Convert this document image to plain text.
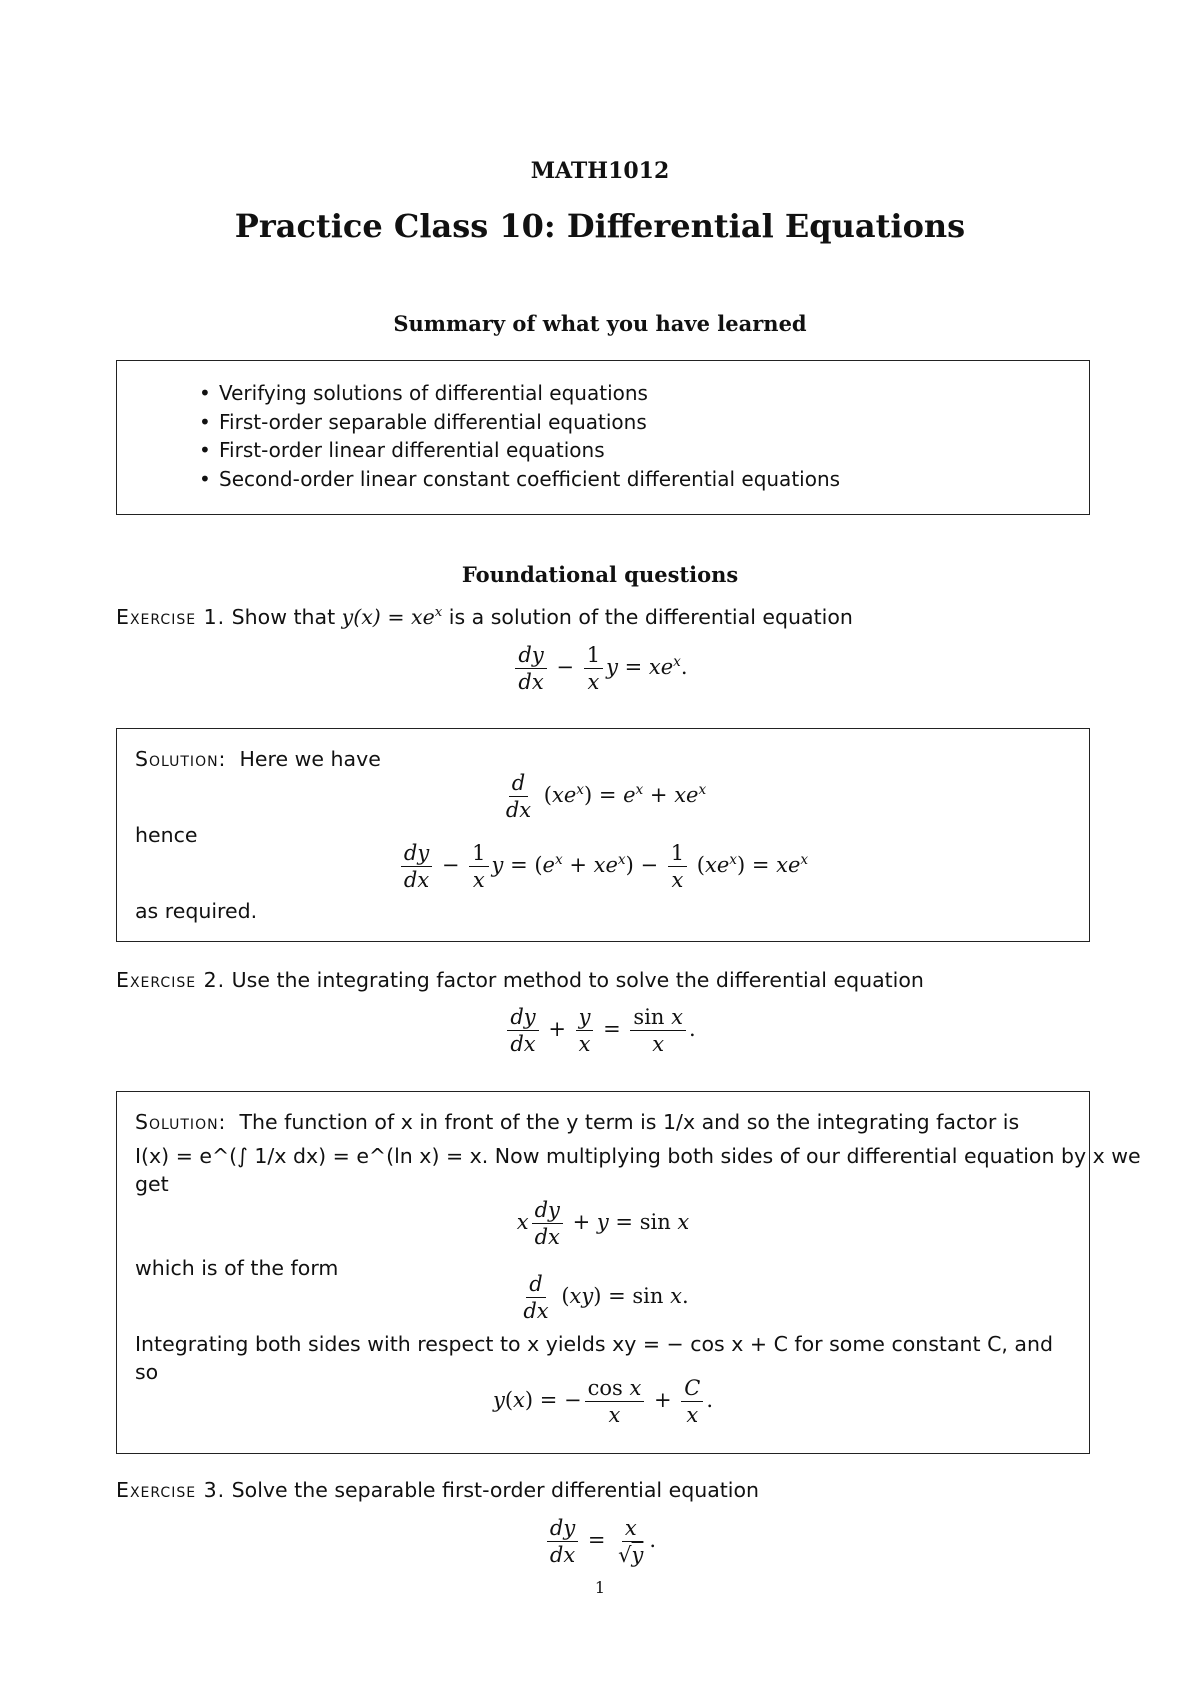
MATH1012
Practice Class 10: Differential Equations
Summary of what you have learned
• Verifying solutions of differential equations
• First-order separable differential equations
• First-order linear differential equations
• Second-order linear constant coefficient differential equations
Foundational questions
Exercise 1. Show that $y(x) = xe^x$ is a solution of the differential equation
$\frac{dy}{dx} - \frac{1}{x}$ $y = xe^x$.
Solution: Here we have
$\frac{d}{dx} (xe^x) = e^x + xe^x$
hence
$\frac{dy}{dx} - \frac{1}{x}$ $y = (e^x + xe^x) - \frac{1}{x} (xe^x) = xe^x$
as required.
Exercise 2. Use the integrating factor method to solve the differential equation
$\frac{dy}{dx} + \frac{y}{x} = \frac{\text{sin x}}{x}$ .
Solution: The function of x in front of the y term is 1/x and so the integrating factor is
I(x) = e^(∫ 1/x dx) = e^(ln x) = x. Now multiplying both sides of our differential equation by x we
get
x $\frac{dy}{dx} + y = \sin x$
which is of the form
$\frac{d}{dx} (xy) = \sin x$.
Integrating both sides with respect to x yields xy = − cos x + C for some constant C, and
so
y(x) = − $\frac{\text{cos x}}{x} + \frac{C}{x}$ .
Exercise 3. Solve the separable first-order differential equation
$\frac{dy}{dx} = \frac{x}{√y}$ .
1
